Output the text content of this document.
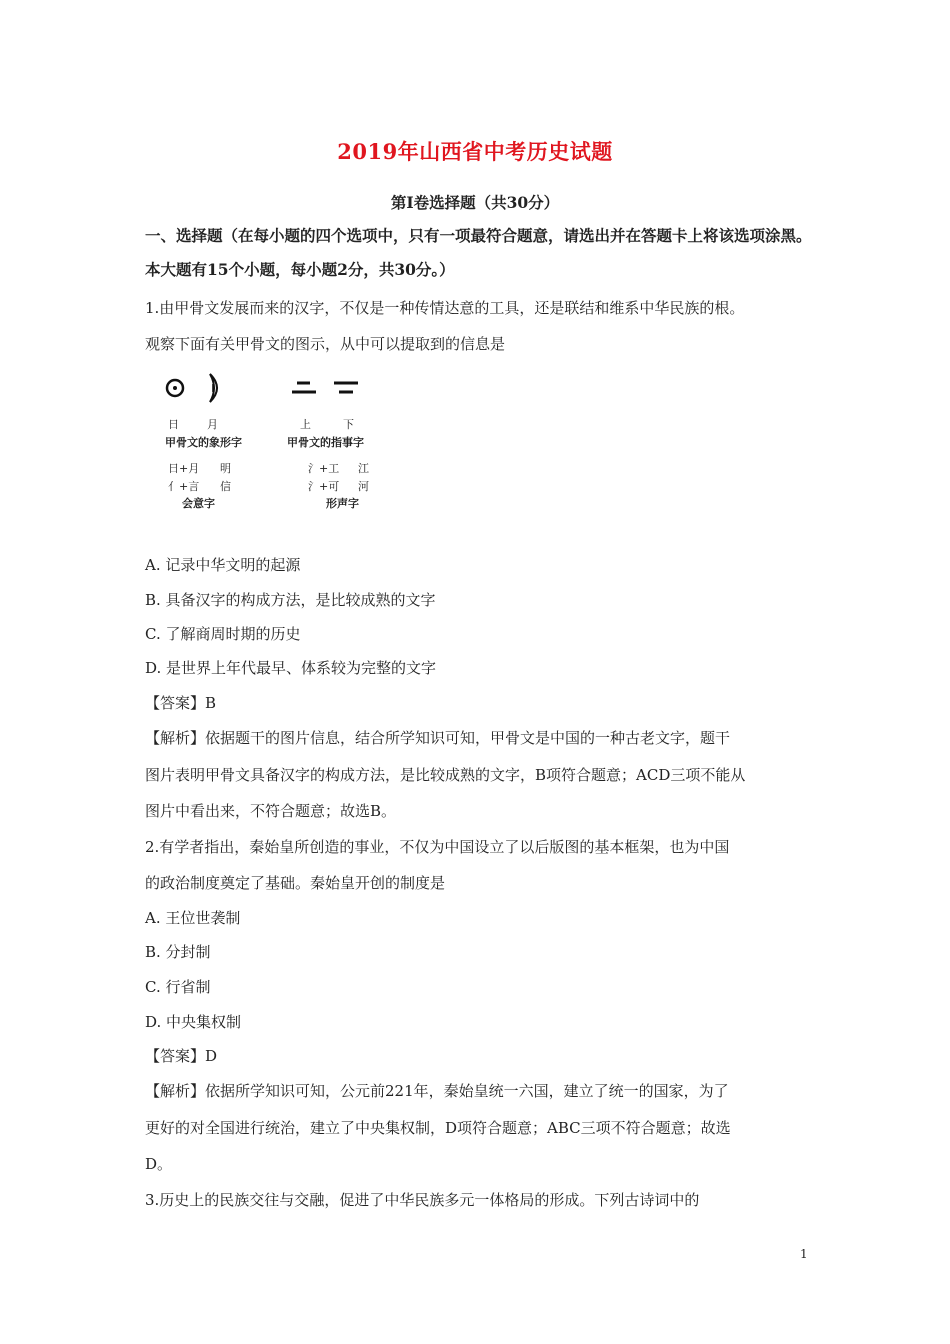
2019年山西省中考历史试题
第Ⅰ卷选择题（共30分）
一、选择题（在每小题的四个选项中，只有一项最符合题意，请选出并在答题卡上将该选项涂黑。本大题有15个小题，每小题2分，共30分。）
1.由甲骨文发展而来的汉字，不仅是一种传情达意的工具，还是联结和维系中华民族的根。
观察下面有关甲骨文的图示，从中可以提取到的信息是
日	月	上	下
甲骨文的象形字	甲骨文的指事字
日+月 明
亻+言 信
氵+工 江
氵+可 河
会意字	形声字
A. 记录中华文明的起源
B. 具备汉字的构成方法，是比较成熟的文字
C. 了解商周时期的历史
D. 是世界上年代最早、体系较为完整的文字
【答案】B
【解析】依据题干的图片信息，结合所学知识可知，甲骨文是中国的一种古老文字，题干
图片表明甲骨文具备汉字的构成方法，是比较成熟的文字，B项符合题意；ACD三项不能从
图片中看出来，不符合题意；故选B。
2.有学者指出，秦始皇所创造的事业，不仅为中国设立了以后版图的基本框架，也为中国
的政治制度奠定了基础。秦始皇开创的制度是
A. 王位世袭制
B. 分封制
C. 行省制
D. 中央集权制
【答案】D
【解析】依据所学知识可知，公元前221年，秦始皇统一六国，建立了统一的国家，为了
更好的对全国进行统治，建立了中央集权制，D项符合题意；ABC三项不符合题意；故选
D。
3.历史上的民族交往与交融，促进了中华民族多元一体格局的形成。下列古诗词中的
1
